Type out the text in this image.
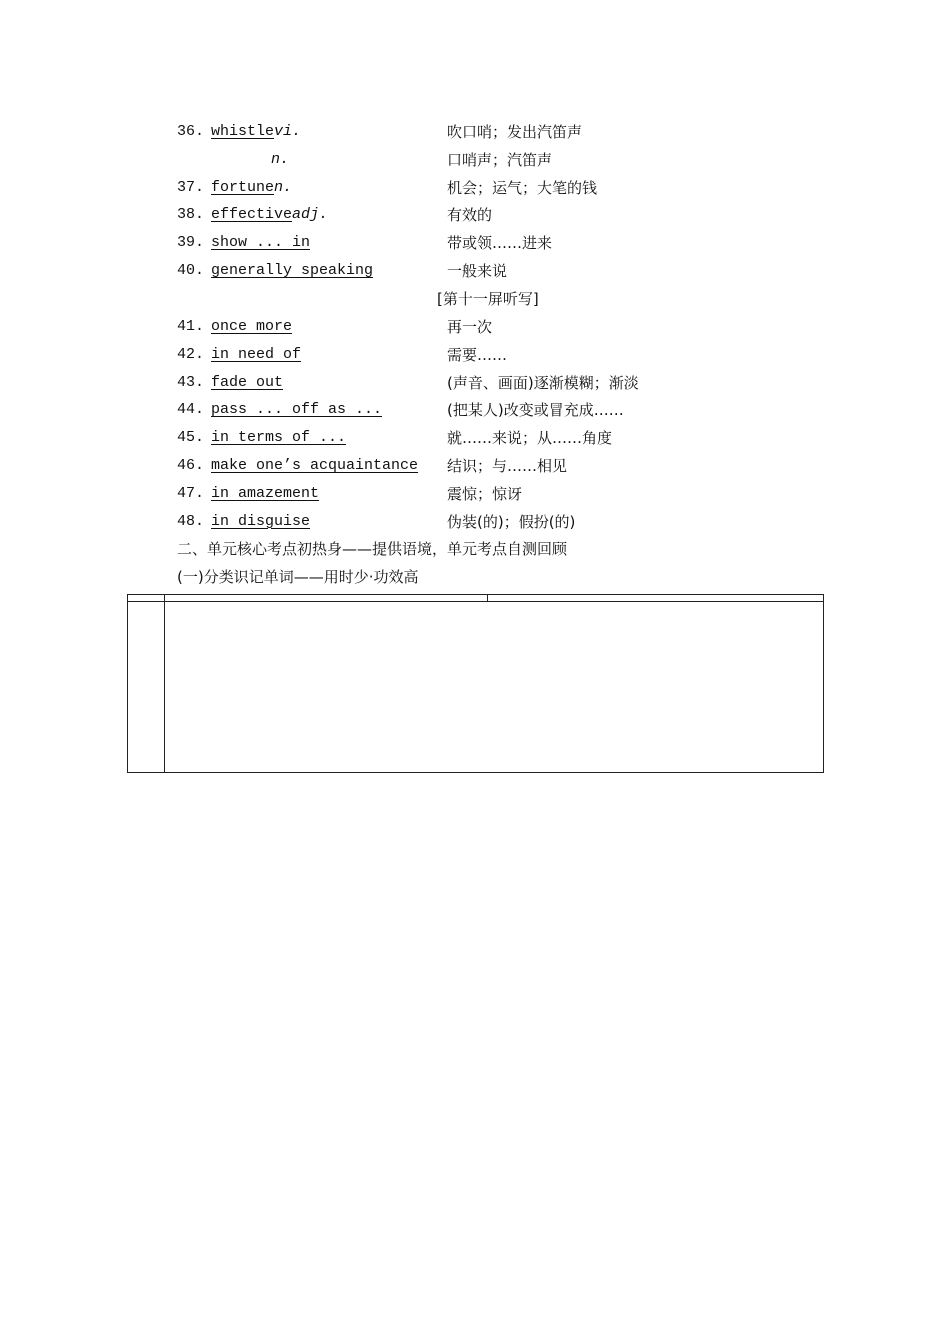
36. whistlevi.	吹口哨；发出汽笛声
n.	口哨声；汽笛声
37. fortunen.	机会；运气；大笔的钱
38. effectiveadj.	有效的
39. show ... in	带或领……进来
40. generally speaking	一般来说
[第十一屏听写]
41. once more	再一次
42. in need of	需要……
43. fade out	(声音、画面)逐渐模糊；渐淡
44. pass ... off as ...	(把某人)改变或冒充成……
45. in terms of ...	就……来说；从……角度
46. make one’s acquaintance 结识；与……相见
47. in amazement	震惊；惊讶
48. in disguise	伪装(的)；假扮(的)
二、单元核心考点初热身——提供语境，单元考点自测回顾
(一)分类识记单词——用时少·功效高
